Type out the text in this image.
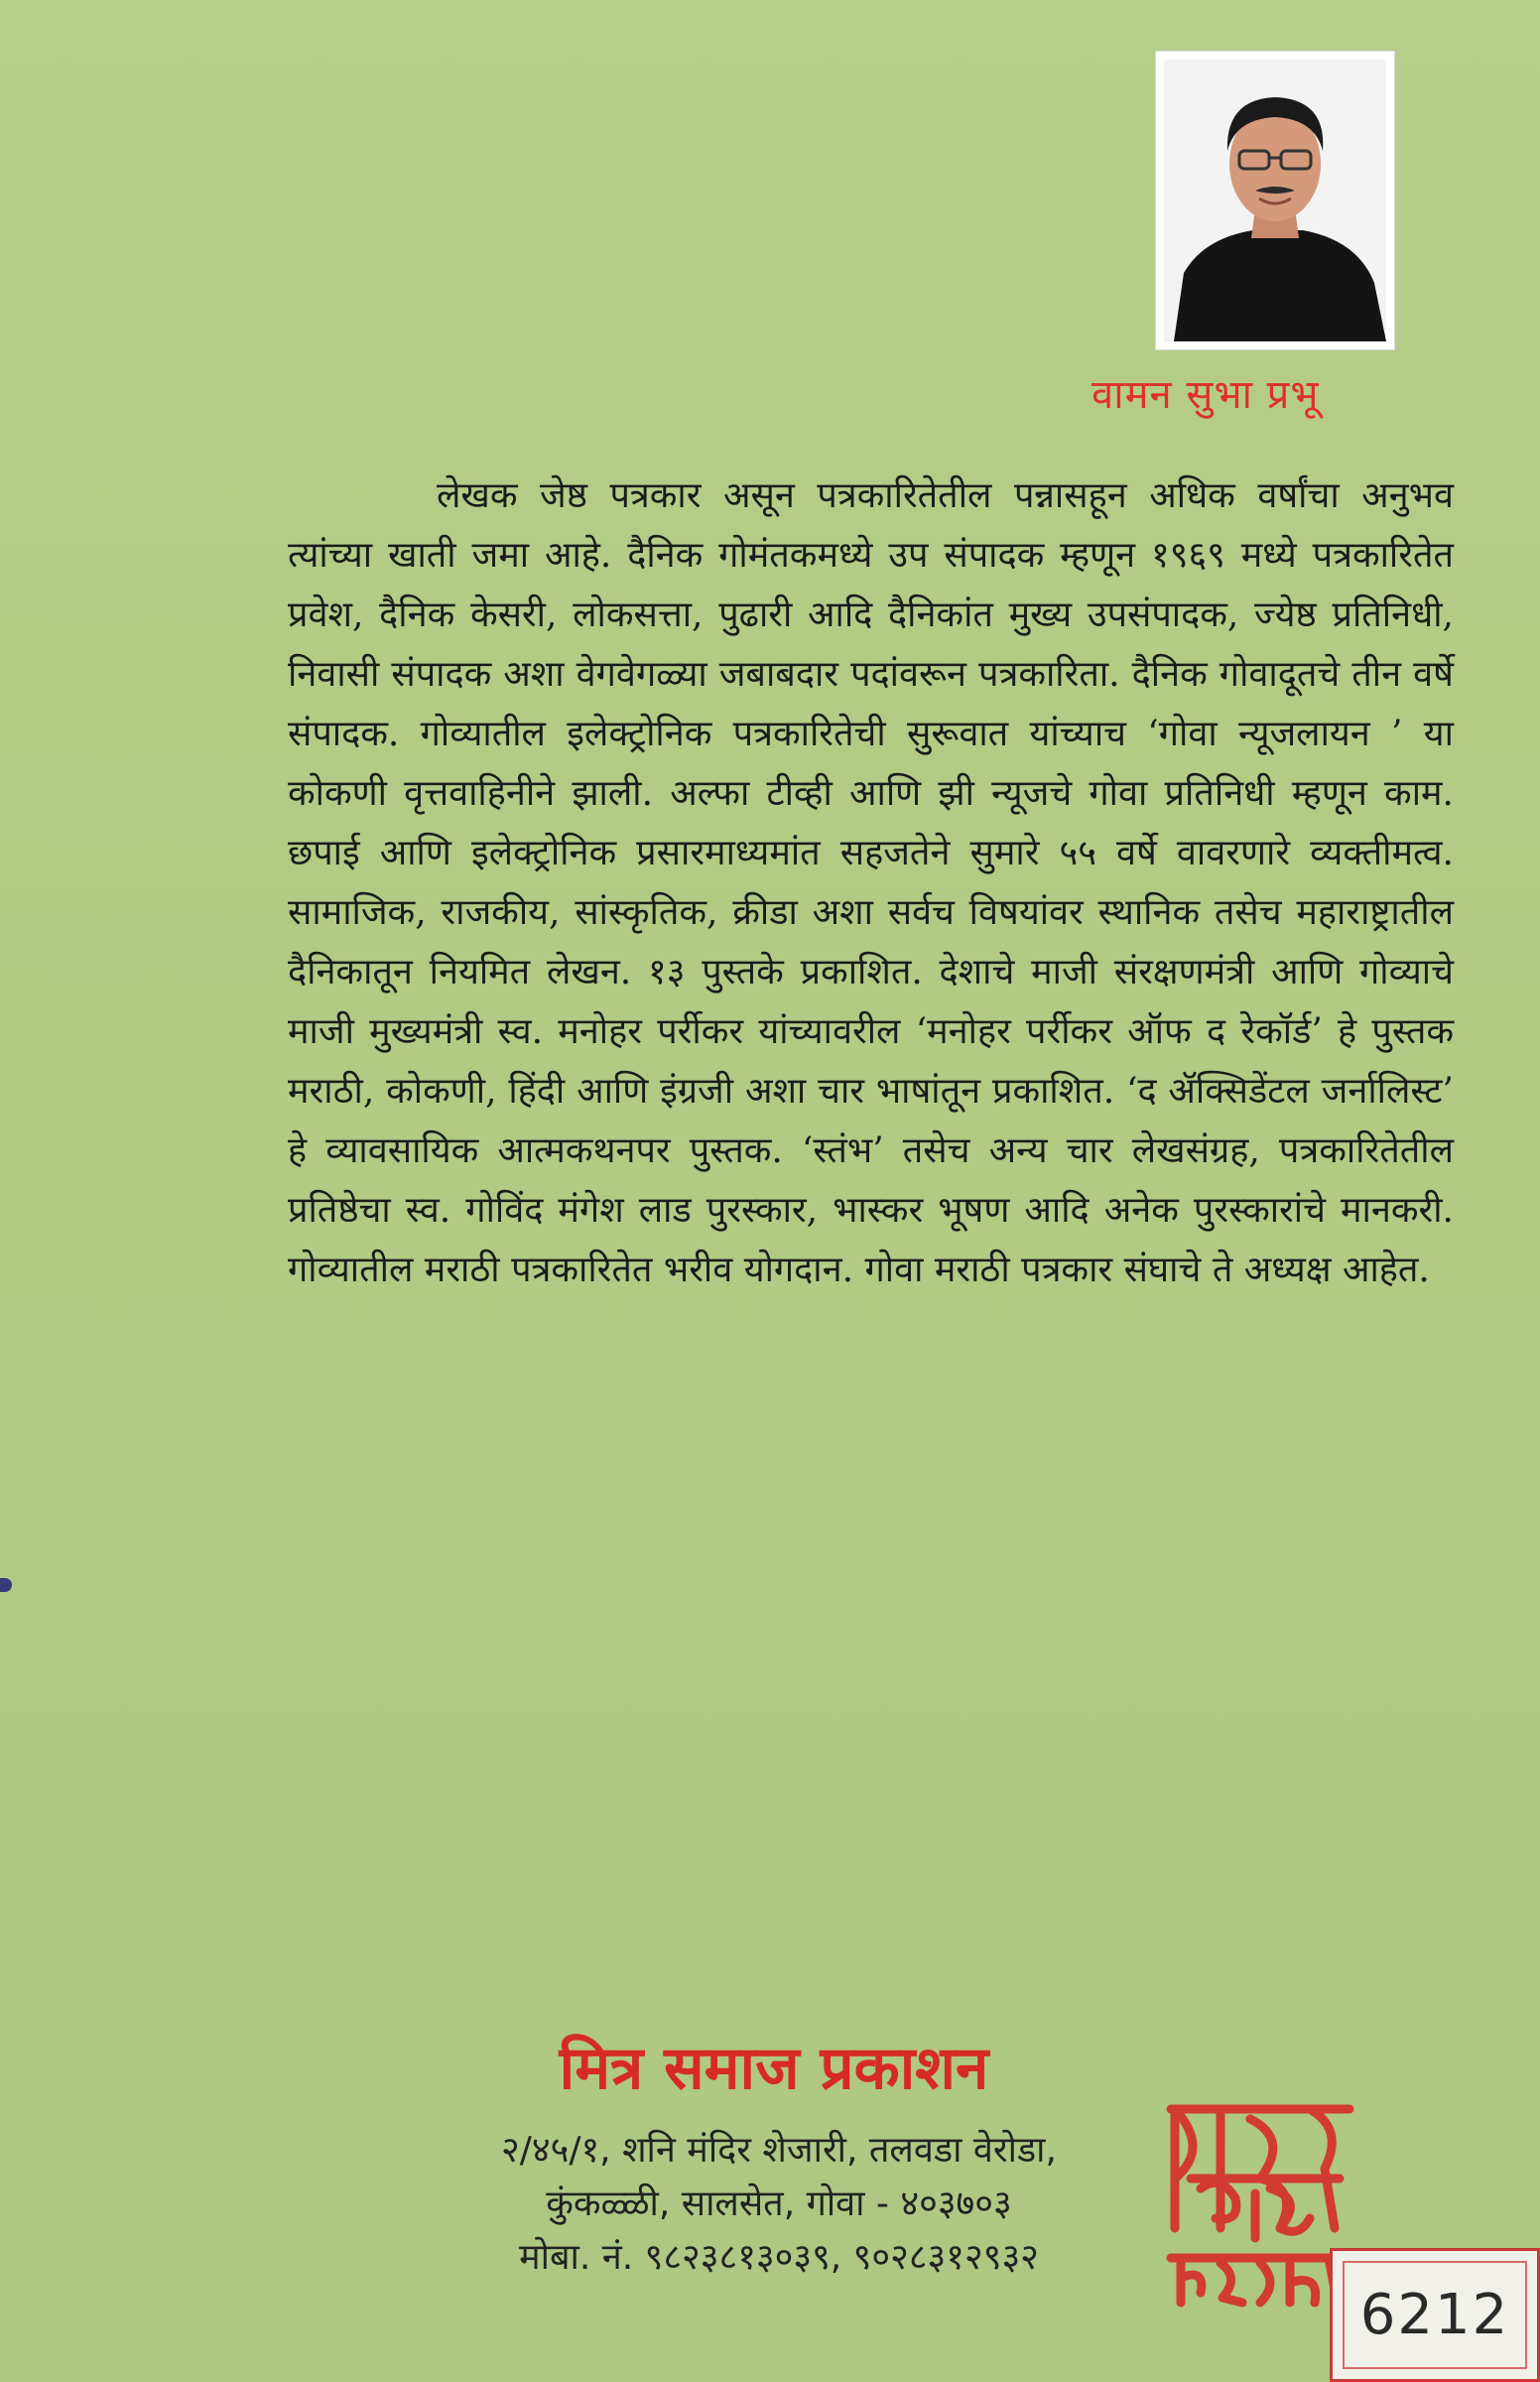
वामन सुभा प्रभू
लेखक जेष्ठ पत्रकार असून पत्रकारितेतील पन्नासहून अधिक वर्षांचा अनुभव त्यांच्या खाती जमा आहे. दैनिक गोमंतकमध्ये उप संपादक म्हणून १९६९ मध्ये पत्रकारितेत प्रवेश, दैनिक केसरी, लोकसत्ता, पुढारी आदि दैनिकांत मुख्य उपसंपादक, ज्येष्ठ प्रतिनिधी, निवासी संपादक अशा वेगवेगळ्या जबाबदार पदांवरून पत्रकारिता. दैनिक गोवादूतचे तीन वर्षे संपादक. गोव्यातील इलेक्ट्रोनिक पत्रकारितेची सुरूवात यांच्याच ‘गोवा न्यूजलायन ’ या कोकणी वृत्तवाहिनीने झाली. अल्फा टीव्ही आणि झी न्यूजचे गोवा प्रतिनिधी म्हणून काम. छपाई आणि इलेक्ट्रोनिक प्रसारमाध्यमांत सहजतेने सुमारे ५५ वर्षे वावरणारे व्यक्तीमत्व. सामाजिक, राजकीय, सांस्कृतिक, क्रीडा अशा सर्वच विषयांवर स्थानिक तसेच महाराष्ट्रातील दैनिकातून नियमित लेखन. १३ पुस्तके प्रकाशित. देशाचे माजी संरक्षणमंत्री आणि गोव्याचे माजी मुख्यमंत्री स्व. मनोहर पर्रीकर यांच्यावरील ‘मनोहर पर्रीकर ऑफ द रेकॉर्ड’ हे पुस्तक मराठी, कोकणी, हिंदी आणि इंग्रजी अशा चार भाषांतून प्रकाशित. ‘द ॲक्सिडेंटल जर्नालिस्ट’ हे व्यावसायिक आत्मकथनपर पुस्तक. ‘स्तंभ’ तसेच अन्य चार लेखसंग्रह, पत्रकारितेतील प्रतिष्ठेचा स्व. गोविंद मंगेश लाड पुरस्कार, भास्कर भूषण आदि अनेक पुरस्कारांचे मानकरी. गोव्यातील मराठी पत्रकारितेत भरीव योगदान. गोवा मराठी पत्रकार संघाचे ते अध्यक्ष आहेत.
मित्र समाज प्रकाशन
२/४५/१, शनि मंदिर शेजारी, तलवडा वेरोडा,
कुंकळ्ळी, सालसेत, गोवा - ४०३७०३
मोबा. नं. ९८२३८१३०३९, ९०२८३१२९३२
6212
